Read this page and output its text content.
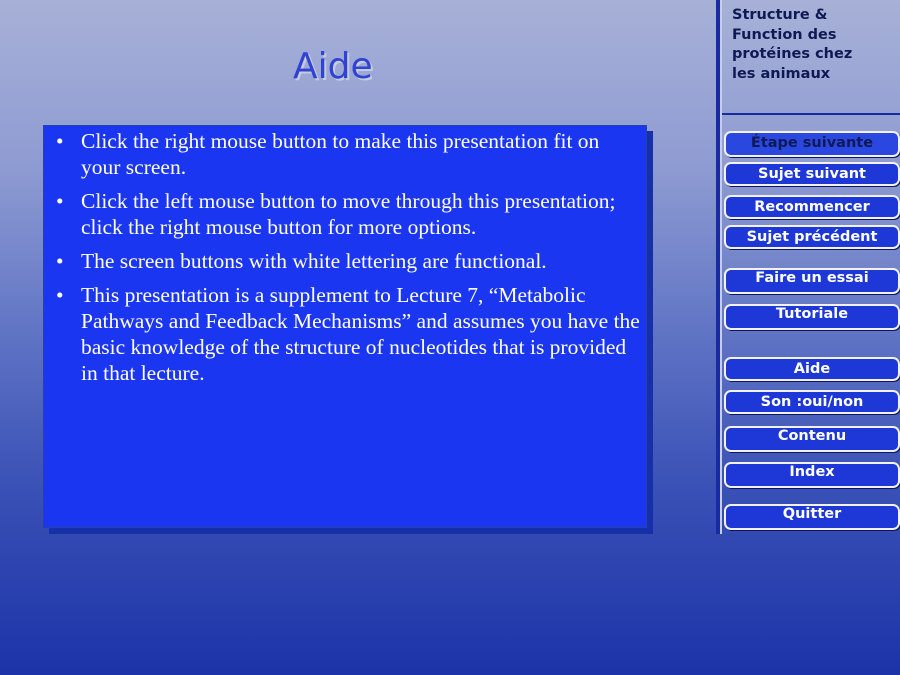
Aide
• Click the right mouse button to make this presentation fit on your screen.
• Click the left mouse button to move through this presentation; click the right mouse button for more options.
• The screen buttons with white lettering are functional.
• This presentation is a supplement to Lecture 7, “Metabolic Pathways and Feedback Mechanisms” and assumes you have the basic knowledge of the structure of nucleotides that is provided in that lecture.
Structure &
Function des
protéines chez
les animaux
Étape suivante
Sujet suivant
Recommencer
Sujet précédent
Faire un essai
Tutoriale
Aide
Son :oui/non
Contenu
Index
Quitter
